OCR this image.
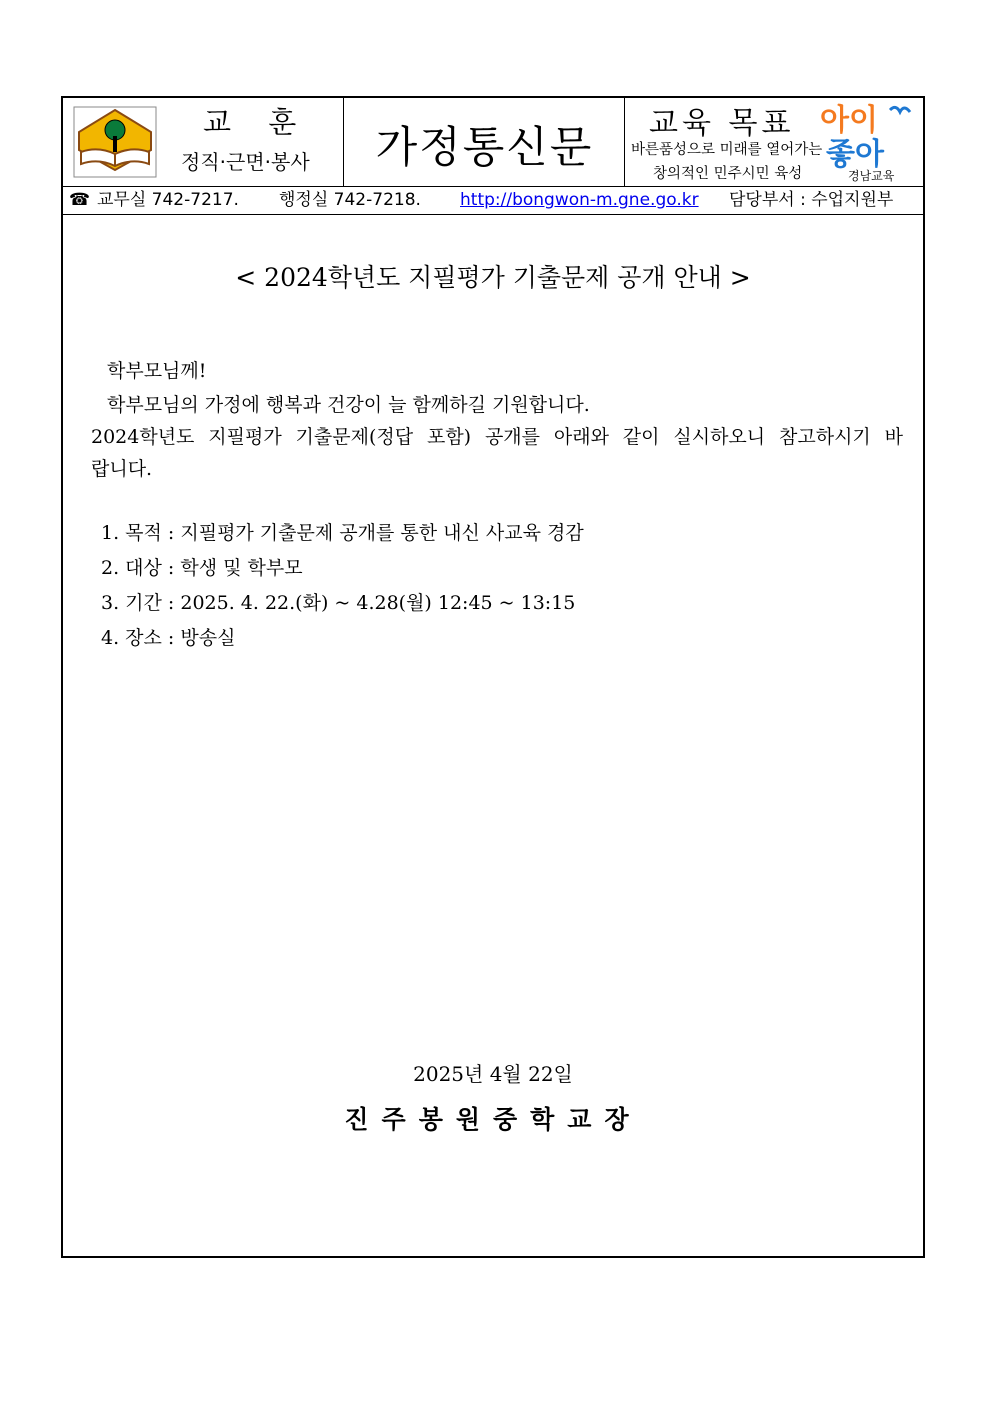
교 훈
정직·근면·봉사	가정통신문	교육 목표
바른품성으로 미래를 열어가는
창의적인 민주시민 육성
아이
좋아
경남교육
☎ 교무실 742-7217. 행정실 742-7218. http://bongwon-m.gne.go.kr 담당부서 : 수업지원부
< 2024학년도 지필평가 기출문제 공개 안내 >
학부모님께!
학부모님의 가정에 행복과 건강이 늘 함께하길 기원합니다.
2024학년도 지필평가 기출문제(정답 포함) 공개를 아래와 같이 실시하오니 참고하시기 바
랍니다.
1. 목적 : 지필평가 기출문제 공개를 통한 내신 사교육 경감
2. 대상 : 학생 및 학부모
3. 기간 : 2025. 4. 22.(화) ~ 4.28(월) 12:45 ~ 13:15
4. 장소 : 방송실
2025년 4월 22일
진주봉원중학교장
